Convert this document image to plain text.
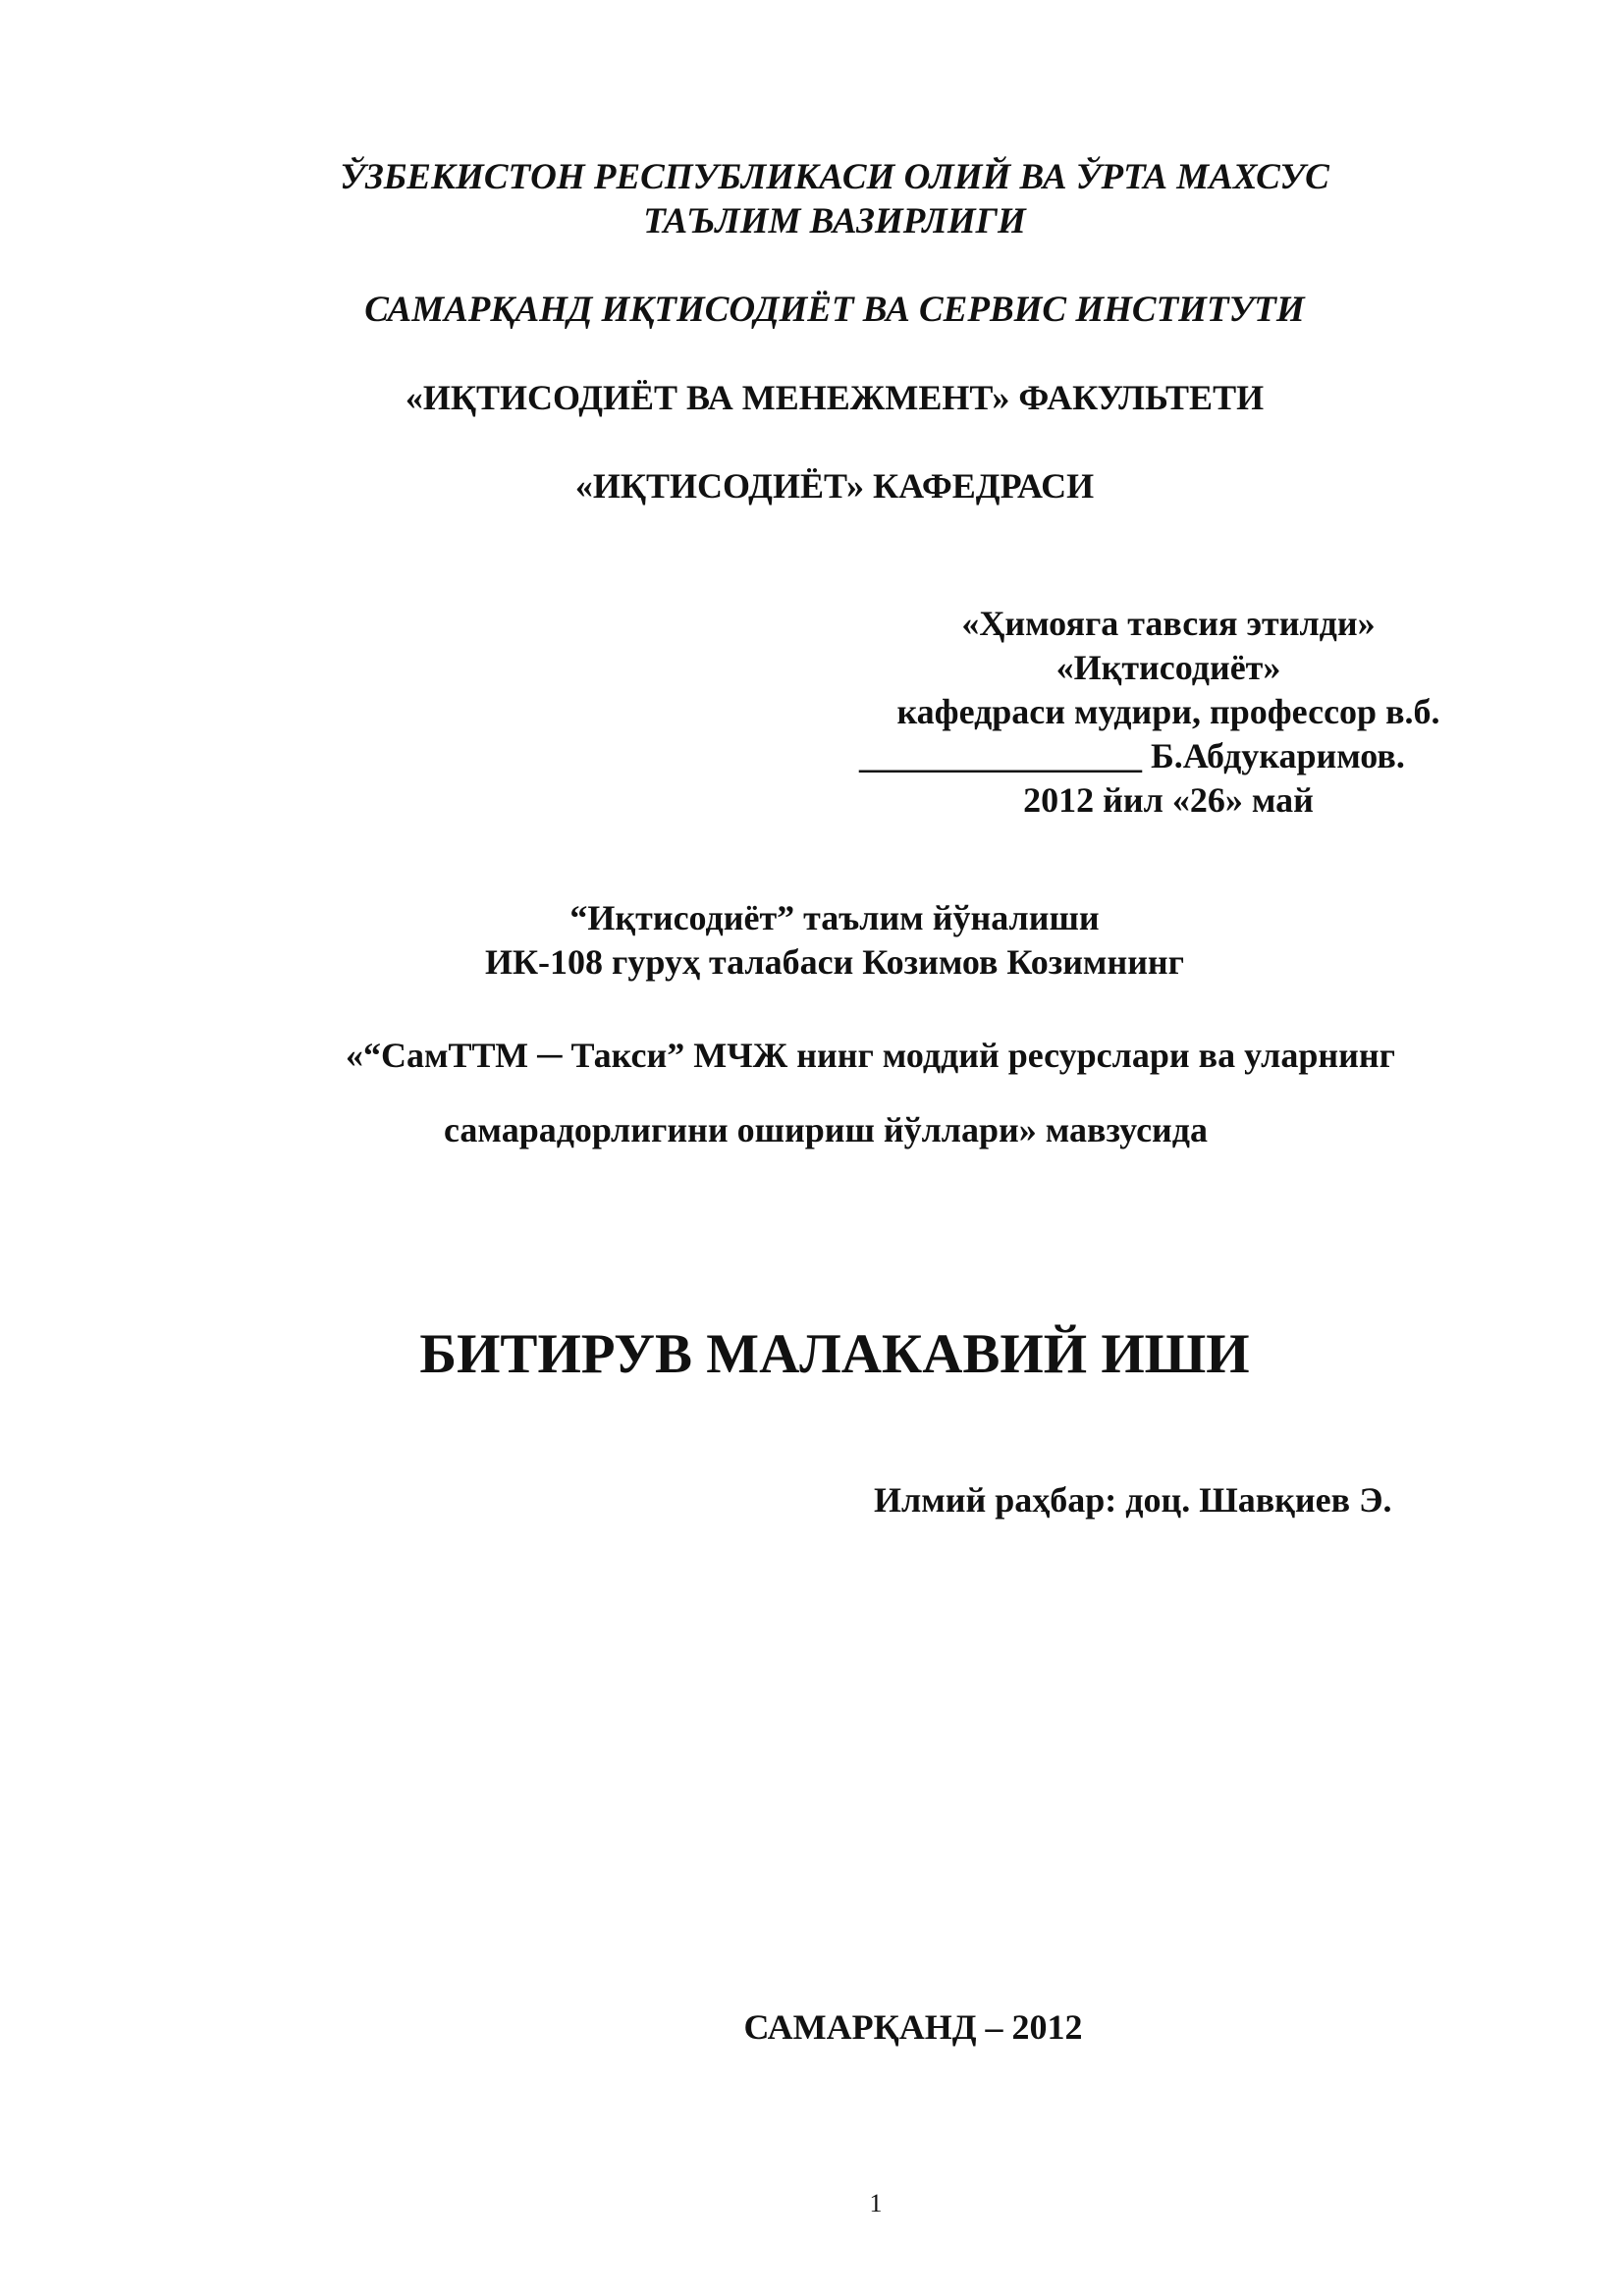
ЎЗБЕКИСТОН РЕСПУБЛИКАСИ ОЛИЙ ВА ЎРТА МАХСУС
ТАЪЛИМ ВАЗИРЛИГИ
САМАРҚАНД ИҚТИСОДИЁТ ВА СЕРВИС ИНСТИТУТИ
«ИҚТИСОДИЁТ ВА МЕНЕЖМЕНТ» ФАКУЛЬТЕТИ
«ИҚТИСОДИЁТ» КАФЕДРАСИ
«Ҳимояга тавсия этилди»
«Иқтисодиёт»
кафедраси мудири, профессор в.б.
________________ Б.Абдукаримов.
2012 йил «26» май
“Иқтисодиёт” таълим йўналиши
ИК-108 гуруҳ талабаси Козимов Козимнинг
«“СамТТМ ─ Такси” МЧЖ нинг моддий ресурслари ва уларнинг
самарадорлигини ошириш йўллари» мавзусида
БИТИРУВ МАЛАКАВИЙ ИШИ
Илмий раҳбар: доц. Шавқиев Э.
САМАРҚАНД – 2012
1
